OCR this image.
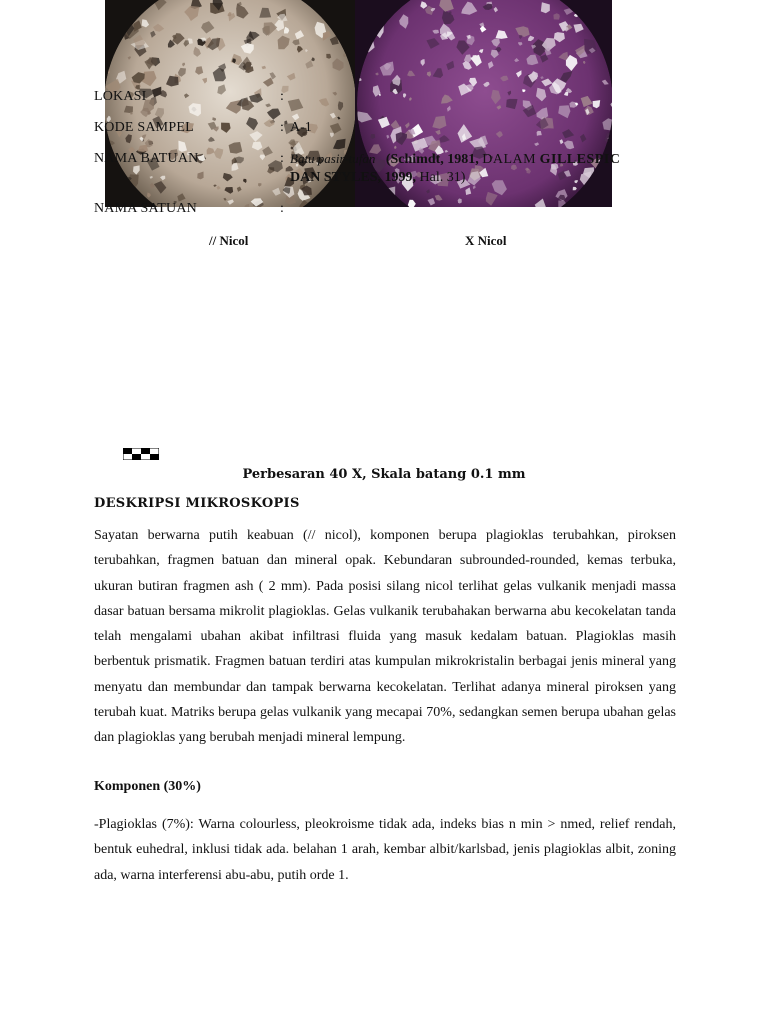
LOKASI	:
KODE SAMPEL	: A-1
NAMA BATUAN	: Batu pasir-tufan (Schimdt, 1981, DALAM GILLESPIC
DAN STYLES, 1999, Hal. 31)
NAMA SATUAN	:
// Nicol	X Nicol
Perbesaran 40 X, Skala batang 0.1 mm
DESKRIPSI MIKROSKOPIS

Sayatan berwarna putih keabuan (// nicol), komponen berupa plagioklas terubahkan, piroksen terubahkan, fragmen batuan dan mineral opak. Kebundaran subrounded-rounded, kemas terbuka, ukuran butiran fragmen ash ( 2 mm). Pada posisi silang nicol terlihat gelas vulkanik menjadi massa dasar batuan bersama mikrolit plagioklas. Gelas vulkanik terubahakan berwarna abu kecokelatan tanda telah mengalami ubahan akibat infiltrasi fluida yang masuk kedalam batuan. Plagioklas masih berbentuk prismatik. Fragmen batuan terdiri atas kumpulan mikrokristalin berbagai jenis mineral yang menyatu dan membundar dan tampak berwarna kecokelatan. Terlihat adanya mineral piroksen yang terubah kuat. Matriks berupa gelas vulkanik yang mecapai 70%, sedangkan semen berupa ubahan gelas dan plagioklas yang berubah menjadi mineral lempung.

Komponen (30%)

-Plagioklas (7%): Warna colourless, pleokroisme tidak ada, indeks bias n min > nmed, relief rendah, bentuk euhedral, inklusi tidak ada. belahan 1 arah, kembar albit/karlsbad, jenis plagioklas albit, zoning ada, warna interferensi abu-abu, putih orde 1.
